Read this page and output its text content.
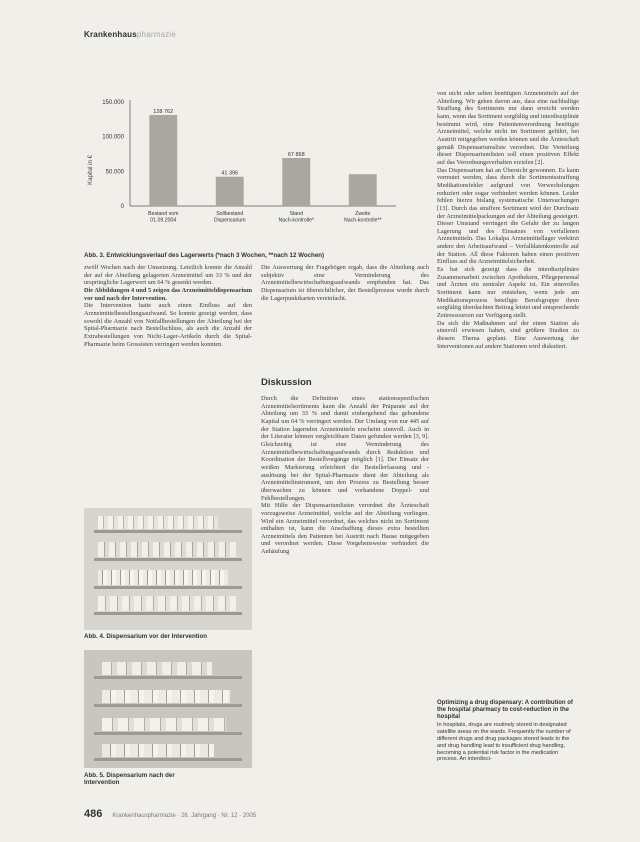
Krankenhauspharmazie
Kapital in €
150.000
100.000
50.000
0
128 762
41 396
67 868
Bestand vom 01.09.2004
Sollbestand Dispensarium
Stand Nach-kontrolle*
Zweite Nach-kontrolle**
Abb. 3. Entwicklungsverlauf des Lagerwerts (*nach 3 Wochen, **nach 12 Wochen)

zwölf Wochen nach der Umsetzung. Letztlich konnte die Anzahl der auf der Abteilung gelagerten Arzneimittel um 33 % und der ursprüngliche Lagerwert um 64 % gesenkt werden.

Die Abbildungen 4 und 5 zeigen das Arzneimitteldispensarium vor und nach der Intervention.

Die Intervention hatte auch einen Einfluss auf den Arzneimittelbestellungsaufwand. So konnte gezeigt werden, dass sowohl die Anzahl von Notfallbestellungen der Abteilung bei der Spital-Pharmazie nach Bestellschluss, als auch die Anzahl der Extrabestellungen von Nicht-Lager-Artikeln durch die Spital-Pharmazie beim Grossisten verringert werden konnten.

Abb. 4. Dispensarium vor der Intervention
Abb. 5. Dispensarium nach der Intervention

Die Auswertung der Fragebögen ergab, dass die Abteilung auch subjektiv eine Verminderung des Arzneimittelbewirtschaftungsaufwands empfunden hat. Das Dispensarium ist übersichtlicher, der Bestellprozess wurde durch die Lagerpunktkarten vereinfacht.

Diskussion

Durch die Definition eines stationsspezifischen Arzneimittelsortiments kann die Anzahl der Präparate auf der Abteilung um 33 % und damit einhergehend das gebundene Kapital um 64 % verringert werden. Der Umfang von nur 445 auf der Station lagernden Arzneimitteln erscheint sinnvoll. Auch in der Literatur können vergleichbare Daten gefunden werden [3, 9]. Gleichzeitig ist eine Verminderung des Arzneimittelbewirtschaftungsaufwands durch Reduktion und Koordination der Bestellvorgänge möglich [1]. Der Einsatz der weißen Markierung erleichtert die Bestellerfassung und -auslösung bei der Spital-Pharmazie dient der Abteilung als Arzneimittelinstrument, um den Prozess zu Bestellung besser überwachen zu können und vorhandene Doppel- und Fehlbestellungen.

Mit Hilfe der Dispensariumlisten verordnet die Ärzteschaft vorzugsweise Arzneimittel, welche auf der Abteilung vorliegen. Wird ein Arzneimittel verordnet, das welches nicht im Sortiment enthalten ist, kann die Anschaffung dieses extra bestellten Arzneimittels den Patienten bei Austritt nach Hause mitgegeben und verordnet werden. Diese Vorgehensweise verhindert die Anhäufung

von nicht oder selten benötigten Arzneimitteln auf der Abteilung. Wir gehen davon aus, dass eine nachhaltige Straffung des Sortiments nur dann erreicht werden kann, wenn das Sortiment sorgfältig und interdisziplinär bestimmt wird, eine Patientenverordnung benötigte Arzneimittel, welche nicht im Sortiment geführt, bei Austritt mitgegeben werden können und die Ärzteschaft gemäß Dispensariumsliste verordnet. Die Verteilung dieser Dispensariumlisten soll einen positiven Effekt auf das Verordnungsverhalten erzielen [2].

Das Dispensarium hat an Übersicht gewonnen. Es kann vermutet werden, dass durch die Sortimentsstraffung Medikationsfehler aufgrund von Verwechslungen reduziert oder sogar verhindert werden können. Leider fehlen hierzu bislang systematische Untersuchungen [13]. Durch das straffere Sortiment wird der Durchsatz der Arzneimittelpackungen auf der Abteilung gesteigert. Dieser Umstand verringert die Gefahr der zu langen Lagerung und des Einsatzes von verfallenen Arzneimitteln. Das Lokalpa Arzneimittellager verkürzt andere den Arbeitsaufwand – Verfalldatenkontrolle auf der Station. All diese Faktoren haben einen positiven Einfluss auf die Arzneimittelsicherheit.

Es hat sich gezeigt dass die interdisziplinäre Zusammenarbeit zwischen Apothekern, Pflegepersonal und Ärzten ein zentraler Aspekt ist. Ein sinnvolles Sortiment kann nur entstehen, wenn jede am Medikationsprozess beteiligte Berufsgruppe ihren sorgfältig überdachten Beitrag leistet und entsprechende Zeitressourcen zur Verfügung stellt.

Da sich die Maßnahmen auf der einen Station als sinnvoll erwiesen haben, sind größere Studien zu diesem Thema geplant. Eine Auswertung der Interventionen auf andere Stationen wird diskutiert.

Optimizing a drug dispensary: A contribution of the hospital pharmacy to cost-reduction in the hospital
In hospitals, drugs are routinely stored in designated satellite areas on the wards. Frequently the number of different drugs and drug packages stored leads to the and drug handling lead to insufficient drug handling, becoming a potential risk factor in the medication process. An interdisci-
486 Krankenhauspharmazie · 26. Jahrgang · Nr. 12 · 2005
